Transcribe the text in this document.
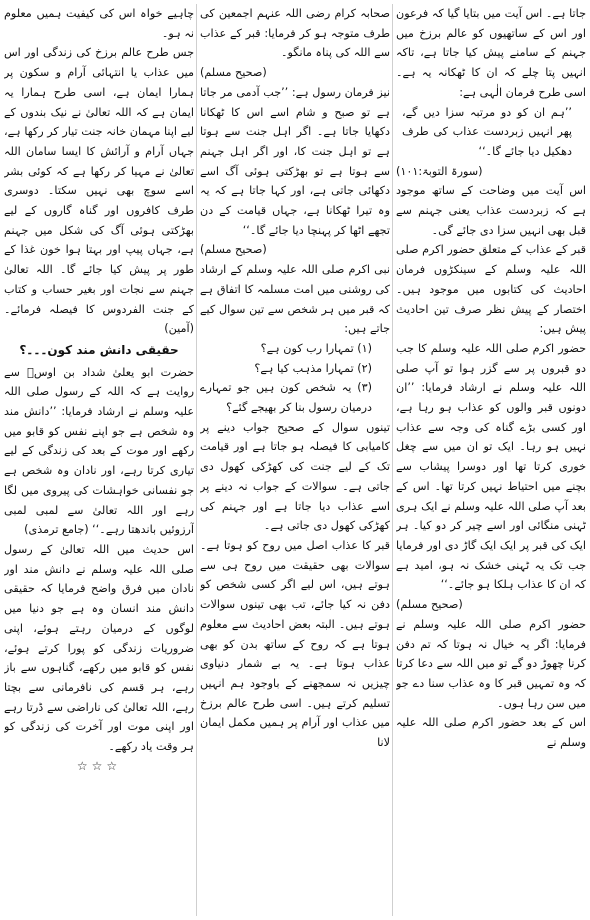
جاتا ہے۔ اس آیت میں بتایا گیا کہ فرعون اور اس کے ساتھیوں کو عالم برزخ میں جہنم کے سامنے پیش کیا جاتا ہے، تاکہ انہیں پتا چلے کہ ان کا ٹھکانہ یہ ہے۔ اسی طرح فرمان الٰہی ہے:

’’ہم ان کو دو مرتبہ سزا دیں گے، پھر انہیں زبردست عذاب کی طرف دھکیل دیا جائے گا۔‘‘

(سورۃ التوبۃ:۱۰۱)

اس آیت میں وضاحت کے ساتھ موجود ہے کہ زبردست عذاب یعنی جہنم سے قبل بھی انہیں سزا دی جائے گی۔

قبر کے عذاب کے متعلق حضور اکرم صلی اللہ علیہ وسلم کے سینکڑوں فرمان احادیث کی کتابوں میں موجود ہیں۔ اختصار کے پیش نظر صرف تین احادیث پیش ہیں:

حضور اکرم صلی اللہ علیہ وسلم کا جب دو قبروں پر سے گزر ہوا تو آپ صلی اللہ علیہ وسلم نے ارشاد فرمایا: ’’ان دونوں قبر والوں کو عذاب ہو رہا ہے، اور کسی بڑے گناہ کی وجہ سے عذاب نہیں ہو رہا۔ ایک تو ان میں سے چغل خوری کرتا تھا اور دوسرا پیشاب سے بچنے میں احتیاط نہیں کرتا تھا۔ اس کے بعد آپ صلی اللہ علیہ وسلم نے ایک ہری ٹہنی منگائی اور اسے چیر کر دو کیا۔ ہر ایک کی قبر پر ایک ایک گاڑ دی اور فرمایا جب تک یہ ٹہنی خشک نہ ہو، امید ہے کہ ان کا عذاب ہلکا ہو جائے۔‘‘

(صحیح مسلم)

حضور اکرم صلی اللہ علیہ وسلم نے فرمایا: اگر یہ خیال نہ ہوتا کہ تم دفن کرنا چھوڑ دو گے تو میں اللہ سے دعا کرتا کہ وہ تمہیں قبر کا وہ عذاب سنا دے جو میں سن رہا ہوں۔

اس کے بعد حضور اکرم صلی اللہ علیہ وسلم نے

صحابہ کرام رضی اللہ عنہم اجمعین کی طرف متوجہ ہو کر فرمایا: قبر کے عذاب سے اللہ کی پناہ مانگو۔

(صحیح مسلم)

نیز فرمان رسول ہے: ’’جب آدمی مر جاتا ہے تو صبح و شام اسے اس کا ٹھکانا دکھایا جاتا ہے۔ اگر اہل جنت سے ہوتا ہے تو اہل جنت کا، اور اگر اہل جہنم سے ہوتا ہے تو بھڑکتی ہوئی آگ اسے دکھائی جاتی ہے، اور کہا جاتا ہے کہ یہ وہ تیرا ٹھکانا ہے، جہاں قیامت کے دن تجھے اٹھا کر پہنچا دیا جائے گا۔‘‘

(صحیح مسلم)

نبی اکرم صلی اللہ علیہ وسلم کے ارشاد کی روشنی میں امت مسلمہ کا اتفاق ہے کہ قبر میں ہر شخص سے تین سوال کیے جاتے ہیں:

(۱) تمہارا رب کون ہے؟

(۲) تمہارا مذہب کیا ہے؟

(۳) یہ شخص کون ہیں جو تمہارے درمیان رسول بنا کر بھیجے گئے؟

تینوں سوال کے صحیح جواب دینے پر کامیابی کا فیصلہ ہو جاتا ہے اور قیامت تک کے لیے جنت کی کھڑکی کھول دی جاتی ہے۔ سوالات کے جواب نہ دینے پر اسے عذاب دیا جاتا ہے اور جہنم کی کھڑکی کھول دی جاتی ہے۔

قبر کا عذاب اصل میں روح کو ہوتا ہے۔ سوالات بھی حقیقت میں روح ہی سے ہوتے ہیں، اس لیے اگر کسی شخص کو دفن نہ کیا جائے، تب بھی تینوں سوالات ہوتے ہیں۔ البتہ بعض احادیث سے معلوم ہوتا ہے کہ روح کے ساتھ بدن کو بھی عذاب ہوتا ہے۔ یہ بے شمار دنیاوی چیزیں نہ سمجھنے کے باوجود ہم انہیں تسلیم کرتے ہیں۔ اسی طرح عالم برزخ میں عذاب اور آرام پر ہمیں مکمل ایمان لانا

چاہیے خواہ اس کی کیفیت ہمیں معلوم نہ ہو۔

جس طرح عالم برزخ کی زندگی اور اس میں عذاب یا انتہائی آرام و سکون پر ہمارا ایمان ہے، اسی طرح ہمارا یہ ایمان ہے کہ اللہ تعالیٰ نے نیک بندوں کے لیے اپنا مہمان خانہ جنت تیار کر رکھا ہے، جہاں آرام و آرائش کا ایسا سامان اللہ تعالیٰ نے مہیا کر رکھا ہے کہ کوئی بشر اسے سوچ بھی نہیں سکتا۔ دوسری طرف کافروں اور گناہ گاروں کے لیے بھڑکتی ہوئی آگ کی شکل میں جہنم ہے، جہاں پیپ اور بہتا ہوا خون غذا کے طور پر پیش کیا جائے گا۔ اللہ تعالیٰ جہنم سے نجات اور بغیر حساب و کتاب کے جنت الفردوس کا فیصلہ فرمائے۔ (آمین)

حقیقی دانش مند کون۔۔۔؟

حضرت ابو یعلیٰ شداد بن اوسؓ سے روایت ہے کہ اللہ کے رسول صلی اللہ علیہ وسلم نے ارشاد فرمایا: ’’دانش مند وہ شخص ہے جو اپنے نفس کو قابو میں رکھے اور موت کے بعد کی زندگی کے لیے تیاری کرتا رہے، اور نادان وہ شخص ہے جو نفسانی خواہشات کی پیروی میں لگا رہے اور اللہ تعالیٰ سے لمبی لمبی آرزوئیں باندھتا رہے۔‘‘ (جامع ترمذی)

اس حدیث میں اللہ تعالیٰ کے رسول صلی اللہ علیہ وسلم نے دانش مند اور نادان میں فرق واضح فرمایا کہ حقیقی دانش مند انسان وہ ہے جو دنیا میں لوگوں کے درمیان رہتے ہوئے، اپنی ضروریات زندگی کو پورا کرتے ہوئے، نفس کو قابو میں رکھے، گناہوں سے باز رہے، ہر قسم کی نافرمانی سے بچتا رہے، اللہ تعالیٰ کی ناراضی سے ڈرتا رہے اور اپنی موت اور آخرت کی زندگی کو ہر وقت یاد رکھے۔

☆☆☆
